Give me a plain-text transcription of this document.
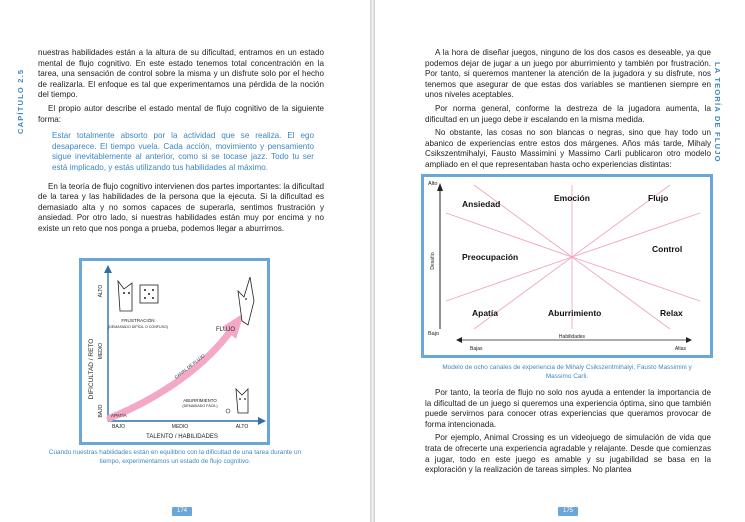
CAPÍTULO 2.5

nuestras habilidades están a la altura de su dificultad, entramos en un estado mental de flujo cognitivo. En este estado tenemos total concentración en la tarea, una sensación de control sobre la misma y un disfrute solo por el hecho de realizarla. El enfoque es tal que experimentamos una pérdida de la noción del tiempo.

El propio autor describe el estado mental de flujo cognitivo de la siguiente forma:

Estar totalmente absorto por la actividad que se realiza. El ego desaparece. El tiempo vuela. Cada acción, movimiento y pensamiento sigue inevitablemente al anterior, como si se tocase jazz. Todo tu ser está implicado, y estás utilizando tus habilidades al máximo.

En la teoría de flujo cognitivo intervienen dos partes importantes: la dificultad de la tarea y las habilidades de la persona que la ejecuta. Si la dificultad es demasiado alta y no somos capaces de superarla, sentimos frustración y ansiedad. Por otro lado, si nuestras habilidades están muy por encima y no existe un reto que nos ponga a prueba, podemos llegar a aburrirnos.

DIFICULTAD / RETO
ALTO
MEDIO
BAJO
BAJO	MEDIO	ALTO
TALENTO / HABILIDADES
APATÍA
FRUSTRACIÓN
(DEMASIADO DIFÍCIL O CONFUSO)	FLUJO
CANAL DE FLUJO
ABURRIMIENTO
(DEMASIADO FÁCIL)
Cuando nuestras habilidades están en equilibrio con la dificultad de una tarea durante un tiempo, experimentamos un estado de flujo cognitivo.
174

A la hora de diseñar juegos, ninguno de los dos casos es deseable, ya que podemos dejar de jugar a un juego por aburrimiento y también por frustración. Por tanto, si queremos mantener la atención de la jugadora y su disfrute, nos tenemos que asegurar de que estas dos variables se mantienen siempre en unos niveles aceptables.

Por norma general, conforme la destreza de la jugadora aumenta, la dificultad en un juego debe ir escalando en la misma medida.

No obstante, las cosas no son blancas o negras, sino que hay todo un abanico de experiencias entre estos dos márgenes. Años más tarde, Mihaly Csikszentmihalyi, Fausto Massimini y Massimo Carli publicaron otro modelo ampliado en el que representaban hasta ocho experiencias distintas:

Alto
Bajo
Desafío
Habilidades
Bajas	Altas
Ansiedad
Emoción	Flujo
Control
Preocupación
Apatía	Aburrimiento	Relax
Modelo de ocho canales de experiencia de Mihaly Csikszentmihalyi, Fausto Massimini y Massimo Carli.

Por tanto, la teoría de flujo no solo nos ayuda a entender la importancia de la dificultad de un juego si queremos una experiencia óptima, sino que también puede servirnos para conocer otras experiencias que queramos provocar de forma intencionada.

Por ejemplo, Animal Crossing es un videojuego de simulación de vida que trata de ofrecerte una experiencia agradable y relajante. Desde que comienzas a jugar, todo en este juego es amable y su jugabilidad se basa en la exploración y la realización de tareas simples. No plantea

175
LA TEORÍA DE FLUJO
